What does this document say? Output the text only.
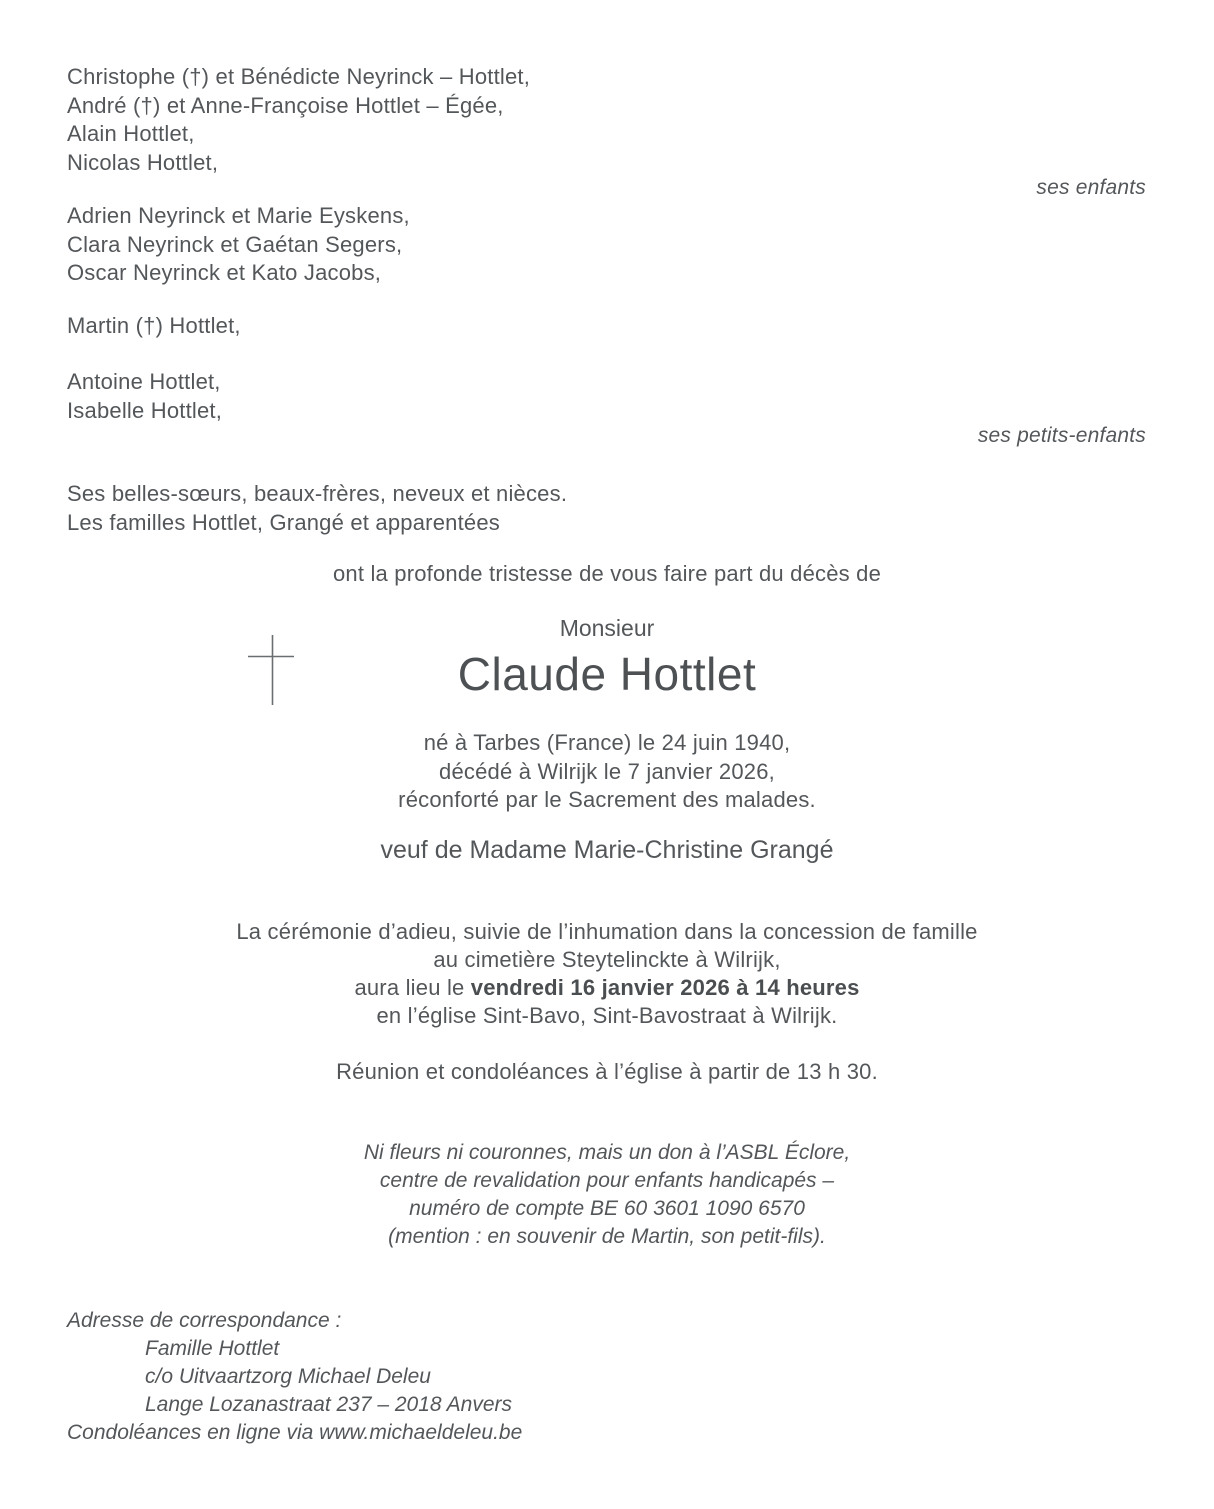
Christophe (†) et Bénédicte Neyrinck – Hottlet,
André (†) et Anne-Françoise Hottlet – Égée,
Alain Hottlet,
Nicolas Hottlet,
ses enfants
Adrien Neyrinck et Marie Eyskens,
Clara Neyrinck et Gaétan Segers,
Oscar Neyrinck et Kato Jacobs,
Martin (†) Hottlet,
Antoine Hottlet,
Isabelle Hottlet,
ses petits-enfants
Ses belles-sœurs, beaux-frères, neveux et nièces.
Les familles Hottlet, Grangé et apparentées
ont la profonde tristesse de vous faire part du décès de
Monsieur
Claude Hottlet
né à Tarbes (France) le 24 juin 1940,
décédé à Wilrijk le 7 janvier 2026,
réconforté par le Sacrement des malades.
veuf de Madame Marie-Christine Grangé
La cérémonie d’adieu, suivie de l’inhumation dans la concession de famille
au cimetière Steytelinckte à Wilrijk,
aura lieu le vendredi 16 janvier 2026 à 14 heures
en l’église Sint-Bavo, Sint-Bavostraat à Wilrijk.
Réunion et condoléances à l’église à partir de 13 h 30.
Ni fleurs ni couronnes, mais un don à l’ASBL Éclore,
centre de revalidation pour enfants handicapés –
numéro de compte BE 60 3601 1090 6570
(mention : en souvenir de Martin, son petit-fils).
Adresse de correspondance :
Famille Hottlet
c/o Uitvaartzorg Michael Deleu
Lange Lozanastraat 237 – 2018 Anvers
Condoléances en ligne via www.michaeldeleu.be
